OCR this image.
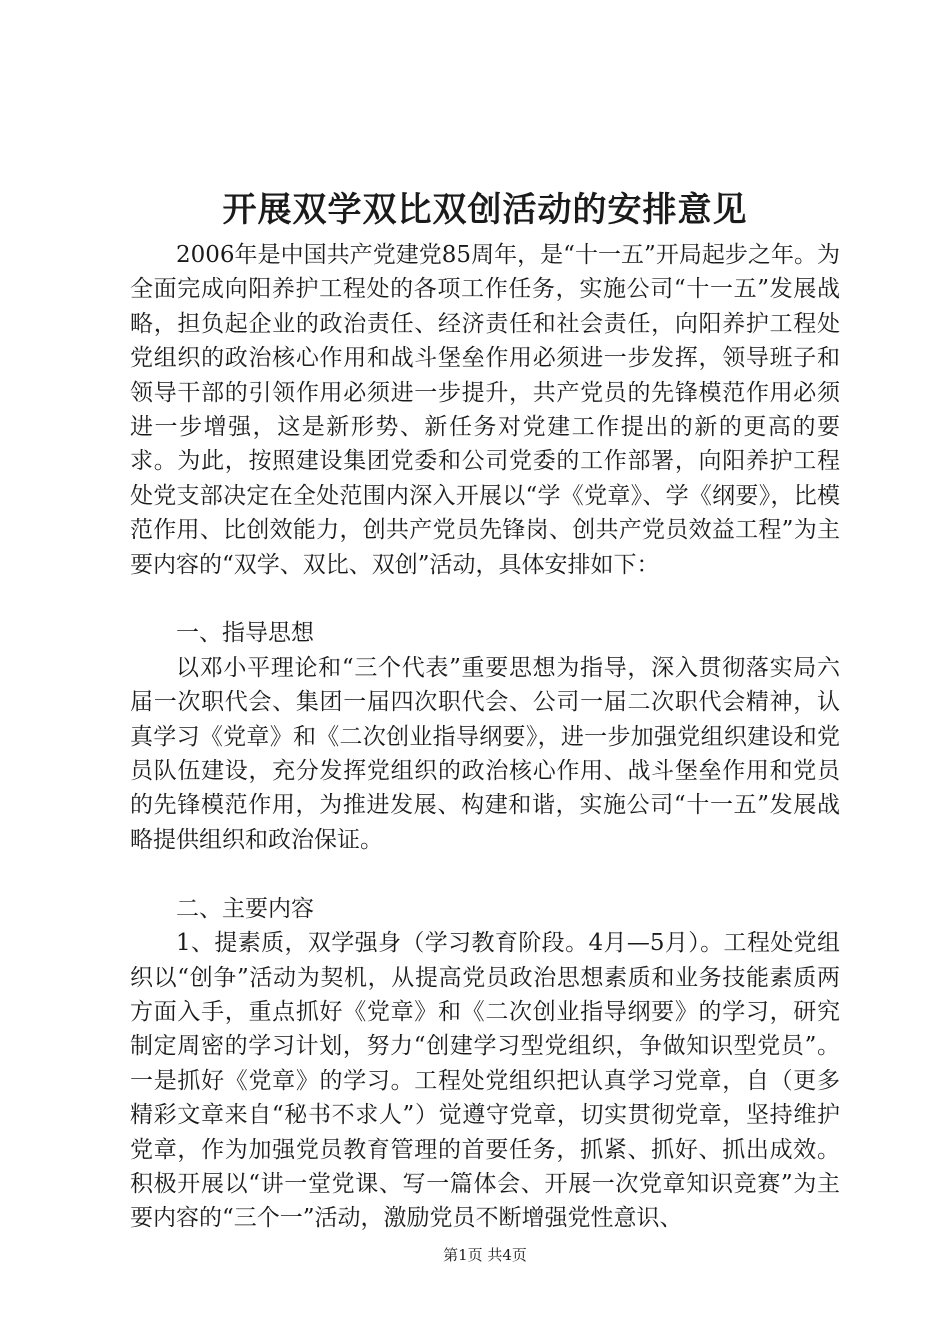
开展双学双比双创活动的安排意见

2006年是中国共产党建党85周年，是“十一五”开局起步之年。为全面完成向阳养护工程处的各项工作任务，实施公司“十一五”发展战略，担负起企业的政治责任、经济责任和社会责任，向阳养护工程处党组织的政治核心作用和战斗堡垒作用必须进一步发挥，领导班子和领导干部的引领作用必须进一步提升，共产党员的先锋模范作用必须进一步增强，这是新形势、新任务对党建工作提出的新的更高的要求。为此，按照建设集团党委和公司党委的工作部署，向阳养护工程处党支部决定在全处范围内深入开展以“学《党章》、学《纲要》，比模范作用、比创效能力，创共产党员先锋岗、创共产党员效益工程”为主要内容的“双学、双比、双创”活动，具体安排如下：

一、指导思想

以邓小平理论和“三个代表”重要思想为指导，深入贯彻落实局六届一次职代会、集团一届四次职代会、公司一届二次职代会精神，认真学习《党章》和《二次创业指导纲要》，进一步加强党组织建设和党员队伍建设，充分发挥党组织的政治核心作用、战斗堡垒作用和党员的先锋模范作用，为推进发展、构建和谐，实施公司“十一五”发展战略提供组织和政治保证。

二、主要内容

1、提素质，双学强身（学习教育阶段。4月—5月）。工程处党组织以“创争”活动为契机，从提高党员政治思想素质和业务技能素质两方面入手，重点抓好《党章》和《二次创业指导纲要》的学习，研究制定周密的学习计划，努力“创建学习型党组织，争做知识型党员”。一是抓好《党章》的学习。工程处党组织把认真学习党章，自（更多精彩文章来自“秘书不求人”）觉遵守党章，切实贯彻党章，坚持维护党章，作为加强党员教育管理的首要任务，抓紧、抓好、抓出成效。积极开展以“讲一堂党课、写一篇体会、开展一次党章知识竞赛”为主要内容的“三个一”活动，激励党员不断增强党性意识、

第1页 共4页
